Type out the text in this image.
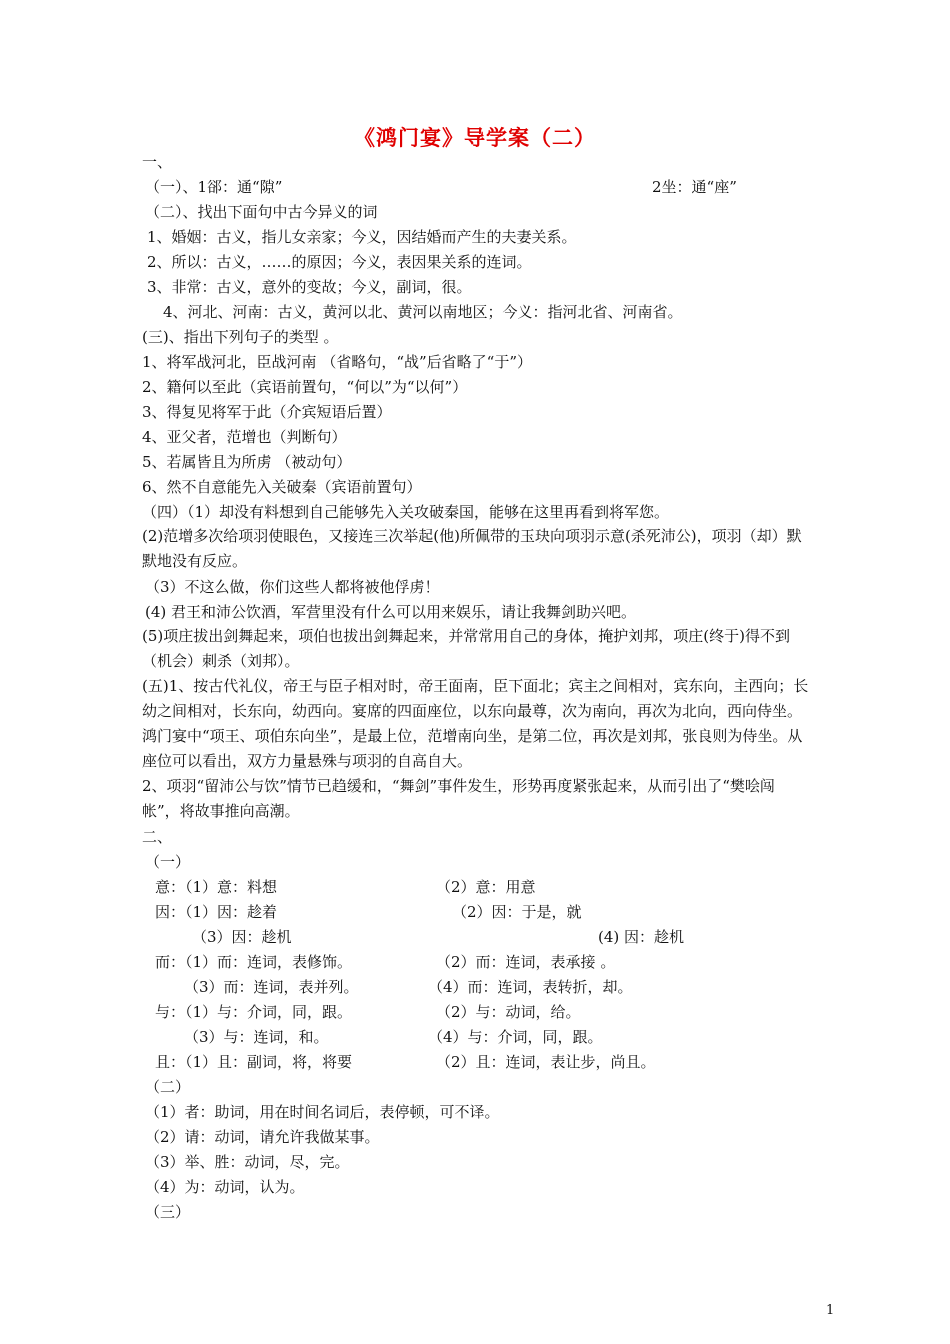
《鸿门宴》导学案（二）
一、
（一）、1郤：通“隙”	2坐：通“座”
（二）、找出下面句中古今异义的词
1、婚姻：古义，指儿女亲家；今义，因结婚而产生的夫妻关系。
2、所以：古义，……的原因；今义，表因果关系的连词。
3、非常：古义，意外的变故；今义，副词，很。
4、河北、河南：古义，黄河以北、黄河以南地区；今义：指河北省、河南省。
(三)、指出下列句子的类型 。
1、将军战河北，臣战河南 （省略句，“战”后省略了“于”）
2、籍何以至此（宾语前置句，“何以”为“以何”）
3、得复见将军于此（介宾短语后置）
4、亚父者，范增也（判断句）
5、若属皆且为所虏 （被动句）
6、然不自意能先入关破秦（宾语前置句）
（四）（1）却没有料想到自己能够先入关攻破秦国，能够在这里再看到将军您。
(2)范增多次给项羽使眼色，又接连三次举起(他)所佩带的玉玦向项羽示意(杀死沛公)，项羽（却）默默地没有反应。
（3）不这么做，你们这些人都将被他俘虏！
(4) 君王和沛公饮酒，军营里没有什么可以用来娱乐，请让我舞剑助兴吧。
(5)项庄拔出剑舞起来，项伯也拔出剑舞起来，并常常用自己的身体，掩护刘邦，项庄(终于)得不到（机会）刺杀（刘邦）。
(五)1、按古代礼仪，帝王与臣子相对时，帝王面南，臣下面北；宾主之间相对，宾东向，主西向；长幼之间相对，长东向，幼西向。宴席的四面座位，以东向最尊，次为南向，再次为北向，西向侍坐。鸿门宴中“项王、项伯东向坐”，是最上位，范增南向坐，是第二位，再次是刘邦，张良则为侍坐。从座位可以看出，双方力量悬殊与项羽的自高自大。
2、项羽“留沛公与饮”情节已趋缓和，“舞剑”事件发生，形势再度紧张起来，从而引出了“樊哙闯帐”，将故事推向高潮。
二、
（一）
意：（1）意：料想	（2）意：用意
因：（1）因：趁着	（2）因：于是，就
（3）因：趁机	(4) 因：趁机
而：（1）而：连词，表修饰。	（2）而：连词，表承接 。
（3）而：连词，表并列。	（4）而：连词，表转折，却。
与：（1）与：介词，同，跟。	（2）与：动词，给。
（3）与：连词，和。	（4）与：介词，同，跟。
且：（1）且：副词，将，将要	（2）且：连词，表让步，尚且。
（二）
（1）者：助词，用在时间名词后，表停顿，可不译。
（2）请：动词，请允许我做某事。
（3）举、胜：动词，尽，完。
（4）为：动词，认为。
（三）
1
